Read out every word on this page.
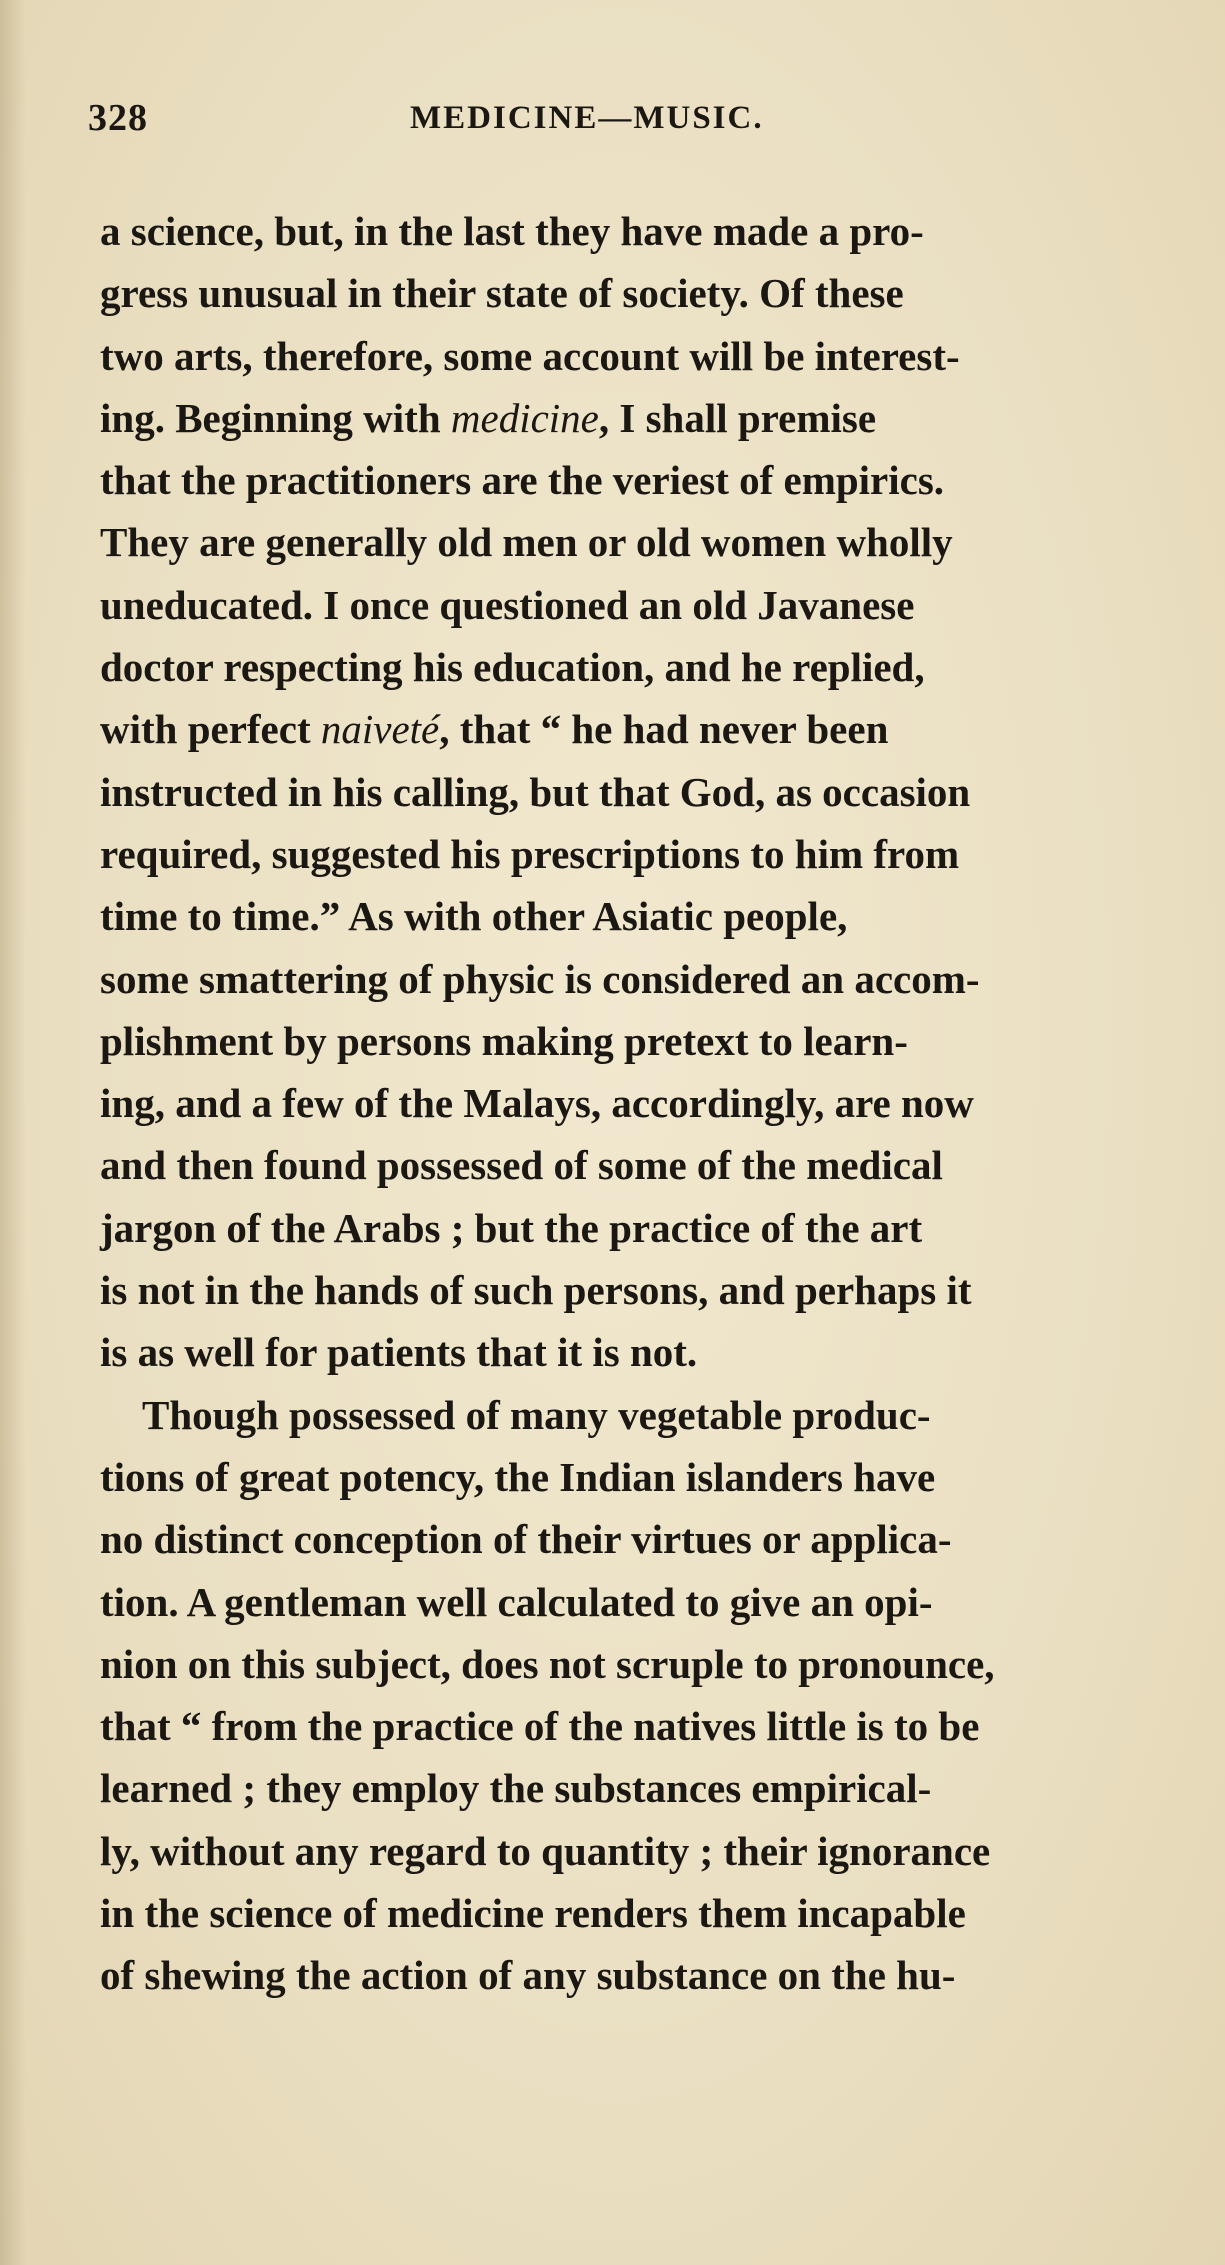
328	MEDICINE—MUSIC.
a science, but, in the last they have made a pro-
gress unusual in their state of society. Of these
two arts, therefore, some account will be interest-
ing. Beginning with medicine, I shall premise
that the practitioners are the veriest of empirics.
They are generally old men or old women wholly
uneducated. I once questioned an old Javanese
doctor respecting his education, and he replied,
with perfect naiveté, that “ he had never been
instructed in his calling, but that God, as occasion
required, suggested his prescriptions to him from
time to time.” As with other Asiatic people,
some smattering of physic is considered an accom-
plishment by persons making pretext to learn-
ing, and a few of the Malays, accordingly, are now
and then found possessed of some of the medical
jargon of the Arabs ; but the practice of the art
is not in the hands of such persons, and perhaps it
is as well for patients that it is not.
Though possessed of many vegetable produc-
tions of great potency, the Indian islanders have
no distinct conception of their virtues or applica-
tion. A gentleman well calculated to give an opi-
nion on this subject, does not scruple to pronounce,
that “ from the practice of the natives little is to be
learned ; they employ the substances empirical-
ly, without any regard to quantity ; their ignorance
in the science of medicine renders them incapable
of shewing the action of any substance on the hu-
